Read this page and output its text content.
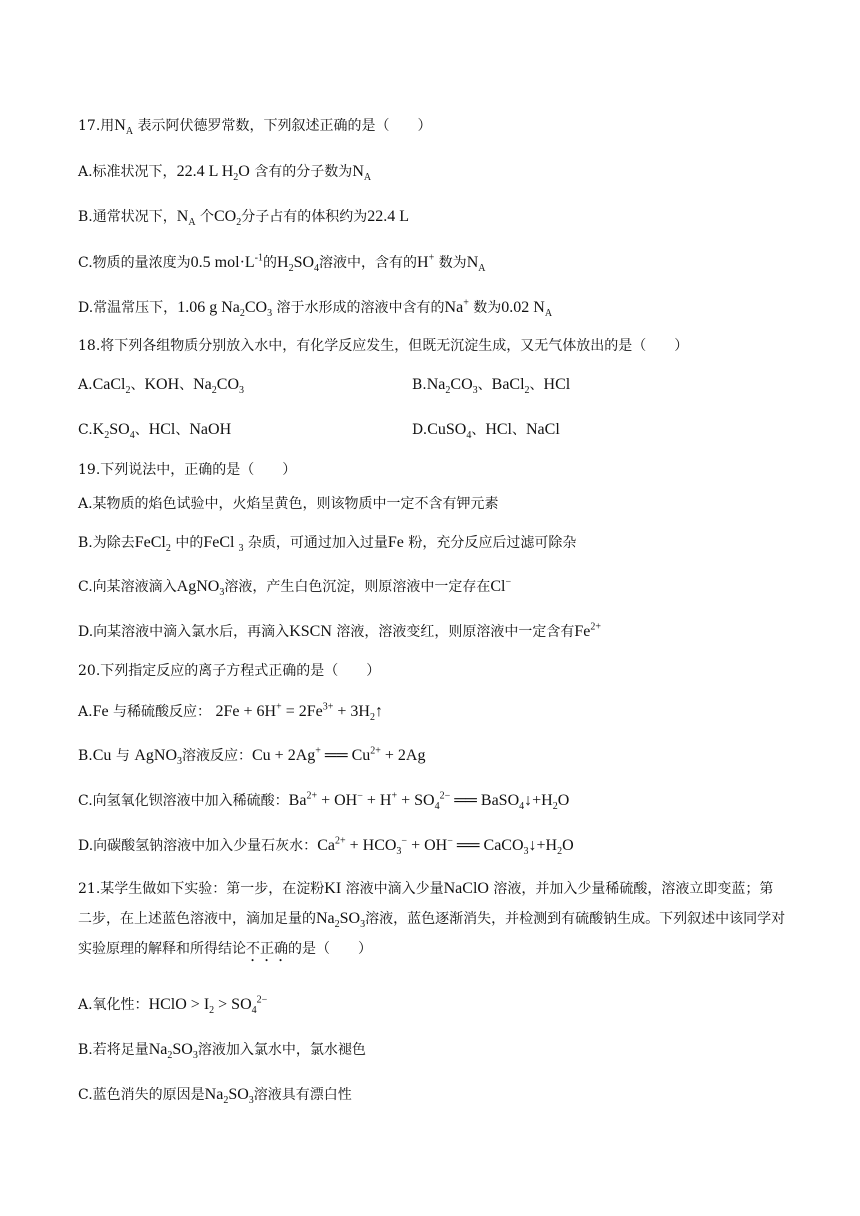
17.用$N_A$ 表示阿伏德罗常数，下列叙述正确的是（　　）
A.标准状况下，22.4 L $H_2O$ 含有的分子数为$N_A$
B.通常状况下，$N_A$ 个$CO_2$分子占有的体积约为22.4 L
C.物质的量浓度为0.5 $mol\cdot L^{-1}$的$H_2SO_4$溶液中，含有的H+ 数为$N_A$
D.常温常压下，1.06 g $Na_2CO_3$ 溶于水形成的溶液中含有的Na+ 数为0.02 $N_A$
18.将下列各组物质分别放入水中，有化学反应发生，但既无沉淀生成，又无气体放出的是（　　）
A.CaCl$_2$、KOH、$Na_2CO_3$	$B.Na_2CO_3$、BaCl$_2$、HCl
$C.K_2SO_4$、HCl、NaOH	D.CuSO$_4$、HCl、NaCl
19.下列说法中，正确的是（　　）
A.某物质的焰色试验中，火焰呈黄色，则该物质中一定不含有钾元素
B.为除去FeCl$_2$ 中的FeCl $_3$ 杂质，可通过加入过量Fe 粉，充分反应后过滤可除杂
C.向某溶液滴入AgNO$_3$溶液，产生白色沉淀，则原溶液中一定存在Cl−
D.向某溶液中滴入氯水后，再滴入KSCN 溶液，溶液变红，则原溶液中一定含有$Fe^{2+}$
20.下列指定反应的离子方程式正确的是（　　）
A.Fe 与稀硫酸反应： $2Fe + 6H^+ = 2Fe^{3+}$ + $3H_2↑$
B.Cu 与 AgNO$_3$溶液反应：Cu + 2Ag+ ══ $Cu^{2+} + 2Ag$
C.向氢氧化钡溶液中加入稀硫酸：$Ba^{2+} + OH^- + H^+ + SO_4^{2-}$ ══ $BaSO_4↓+H_2O$
D.向碳酸氢钠溶液中加入少量石灰水：$Ca^{2+} + HCO_3^- + OH^-$ ══ $CaCO_3↓+H_2O$
21.某学生做如下实验：第一步，在淀粉KI 溶液中滴入少量NaClO 溶液，并加入少量稀硫酸，溶液立即变蓝；第二步，在上述蓝色溶液中，滴加足量的$Na_2SO_3$溶液，蓝色逐渐消失，并检测到有硫酸钠生成。下列叙述中该同学对实验原理的解释和所得结论不正确的是（　　）
A.氧化性：HClO > $I_2 > SO_4^{2-}$
B.若将足量$Na_2SO_3$溶液加入氯水中，氯水褪色
C.蓝色消失的原因是$Na_2SO_3$溶液具有漂白性
